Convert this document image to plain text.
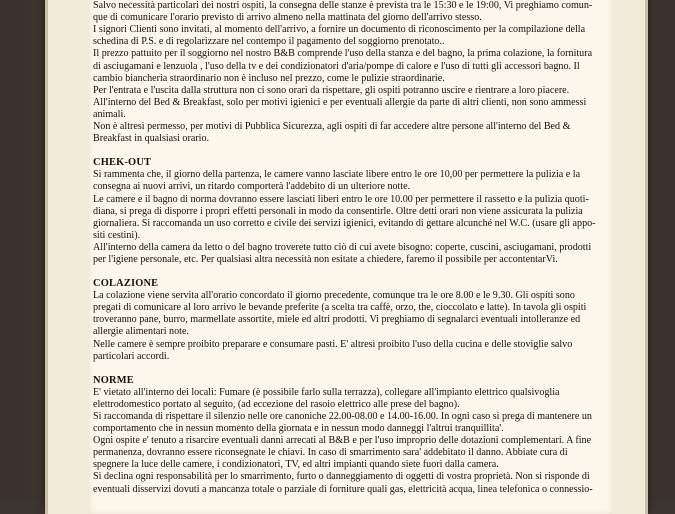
Salvo necessità particolari dei nostri ospiti, la consegna delle stanze è prevista tra le 15:30 e le 19:00, Vi preghiamo comun-
que di comunicare l'orario previsto di arrivo almeno nella mattinata del giorno dell'arrivo stesso.
I signori Clienti sono invitati, al momento dell'arrivo, a fornire un documento di riconoscimento per la compilazione della
schedina di P.S. e di regolarizzare nel contempo il pagamento del soggiorno prenotato..
Il prezzo pattuito per il soggiorno nel nostro B&B comprende l'uso della stanza e del bagno, la prima colazione, la fornitura
di asciugamani e lenzuola , l'uso della tv e dei condizionatori d'aria/pompe di calore e l'uso di tutti gli accessori bagno. Il
cambio biancheria straordinario non è incluso nel prezzo, come le pulizie straordinarie.
Per l'entrata e l'uscita dalla struttura non ci sono orari da rispettare, gli ospiti potranno uscire e rientrare a loro piacere.
All'interno del Bed & Breakfast, solo per motivi igienici e per eventuali allergie da parte di altri clienti, non sono ammessi
animali.
Non è altresì permesso, per motivi di Pubblica Sicurezza, agli ospiti di far accedere altre persone all'interno del Bed &
Breakfast in qualsiasi orario.
CHEK-OUT
Si rammenta che, il giorno della partenza, le camere vanno lasciate libere entro le ore 10,00 per permettere la pulizia e la
consegna ai nuovi arrivi, un ritardo comporterà l'addebito di un ulteriore notte.
Le camere e il bagno di norma dovranno essere lasciati liberi entro le ore 10.00 per permettere il rassetto e la pulizia quoti-
diana, si prega di disporre i propri effetti personali in modo da consentirle. Oltre detti orari non viene assicurata la pulizia
giornaliera. Si raccomanda un uso corretto e civile dei servizi igienici, evitando di gettare alcunché nel W.C. (usare gli appo-
siti cestini).
All'interno della camera da letto o del bagno troverete tutto ciò di cui avete bisogno: coperte, cuscini, asciugamani, prodotti
per l'igiene personale, etc. Per qualsiasi altra necessità non esitate a chiedere, faremo il possibile per accontentarVi.
COLAZIONE
La colazione viene servita all'orario concordato il giorno precedente, comunque tra le ore 8.00 e le 9.30. Gli ospiti sono
pregati di comunicare al loro arrivo le bevande preferite (a scelta tra caffè, orzo, the, cioccolato e latte). In tavola gli ospiti
troveranno pane, burro, marmellate assortite, miele ed altri prodotti. Vi preghiamo di segnalarci eventuali intolleranze ed
allergie alimentari note.
Nelle camere è sempre proibito preparare e consumare pasti. E' altresì proibito l'uso della cucina e delle stoviglie salvo
particolari accordi.
NORME
E' vietato all'interno dei locali: Fumare (è possibile farlo sulla terrazza), collegare all'impianto elettrico qualsivoglia
elettrodomestico portato al seguito, (ad eccezione del rasoio elettrico alle prese del bagno).
Si raccomanda di rispettare il silenzio nelle ore canoniche 22.00-08.00 e 14.00-16.00. In ogni caso si prega di mantenere un
comportamento che in nessun momento della giornata e in nessun modo danneggi l'altrui tranquillita'.
Ogni ospite e' tenuto a risarcire eventuali danni arrecati al B&B e per l'uso improprio delle dotazioni complementari. A fine
permanenza, dovranno essere riconsegnate le chiavi. In caso di smarrimento sara' addebitato il danno. Abbiate cura di
spegnere la luce delle camere, i condizionatori, TV, ed altri impianti quando siete fuori dalla camera.
Si declina ogni responsabilità per lo smarrimento, furto o danneggiamento di oggetti di vostra proprietà. Non si risponde di
eventuali disservizi dovuti a mancanza totale o parziale di forniture quali gas, elettricità acqua, linea telefonica o connessio-
